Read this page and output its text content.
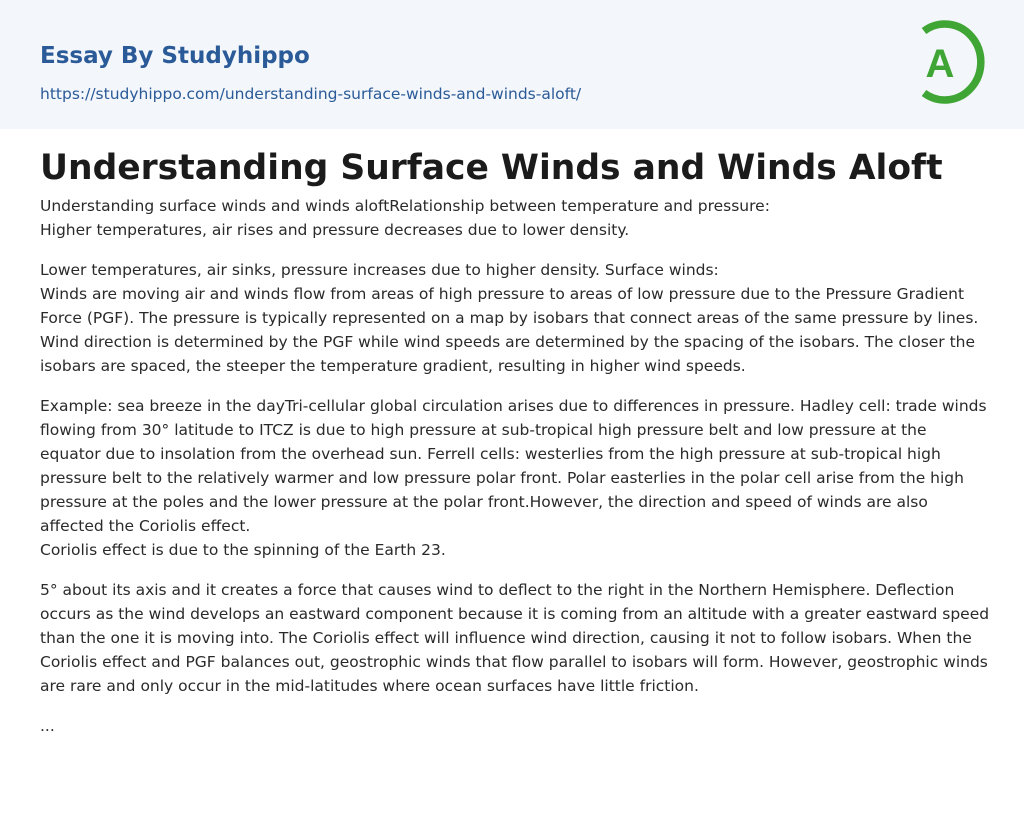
Essay By Studyhippo
https://studyhippo.com/understanding-surface-winds-and-winds-aloft/
A
Understanding Surface Winds and Winds Aloft

Understanding surface winds and winds aloftRelationship between temperature and pressure:
Higher temperatures, air rises and pressure decreases due to lower density.

Lower temperatures, air sinks, pressure increases due to higher density. Surface winds:
Winds are moving air and winds flow from areas of high pressure to areas of low pressure due to the Pressure Gradient Force (PGF). The pressure is typically represented on a map by isobars that connect areas of the same pressure by lines. Wind direction is determined by the PGF while wind speeds are determined by the spacing of the isobars. The closer the isobars are spaced, the steeper the temperature gradient, resulting in higher wind speeds.

Example: sea breeze in the dayTri-cellular global circulation arises due to differences in pressure. Hadley cell: trade winds flowing from 30° latitude to ITCZ is due to high pressure at sub-tropical high pressure belt and low pressure at the equator due to insolation from the overhead sun. Ferrell cells: westerlies from the high pressure at sub-tropical high pressure belt to the relatively warmer and low pressure polar front. Polar easterlies in the polar cell arise from the high pressure at the poles and the lower pressure at the polar front.However, the direction and speed of winds are also affected the Coriolis effect.
Coriolis effect is due to the spinning of the Earth 23.

5° about its axis and it creates a force that causes wind to deflect to the right in the Northern Hemisphere. Deflection occurs as the wind develops an eastward component because it is coming from an altitude with a greater eastward speed than the one it is moving into. The Coriolis effect will influence wind direction, causing it not to follow isobars. When the Coriolis effect and PGF balances out, geostrophic winds that flow parallel to isobars will form. However, geostrophic winds are rare and only occur in the mid-latitudes where ocean surfaces have little friction.

...
